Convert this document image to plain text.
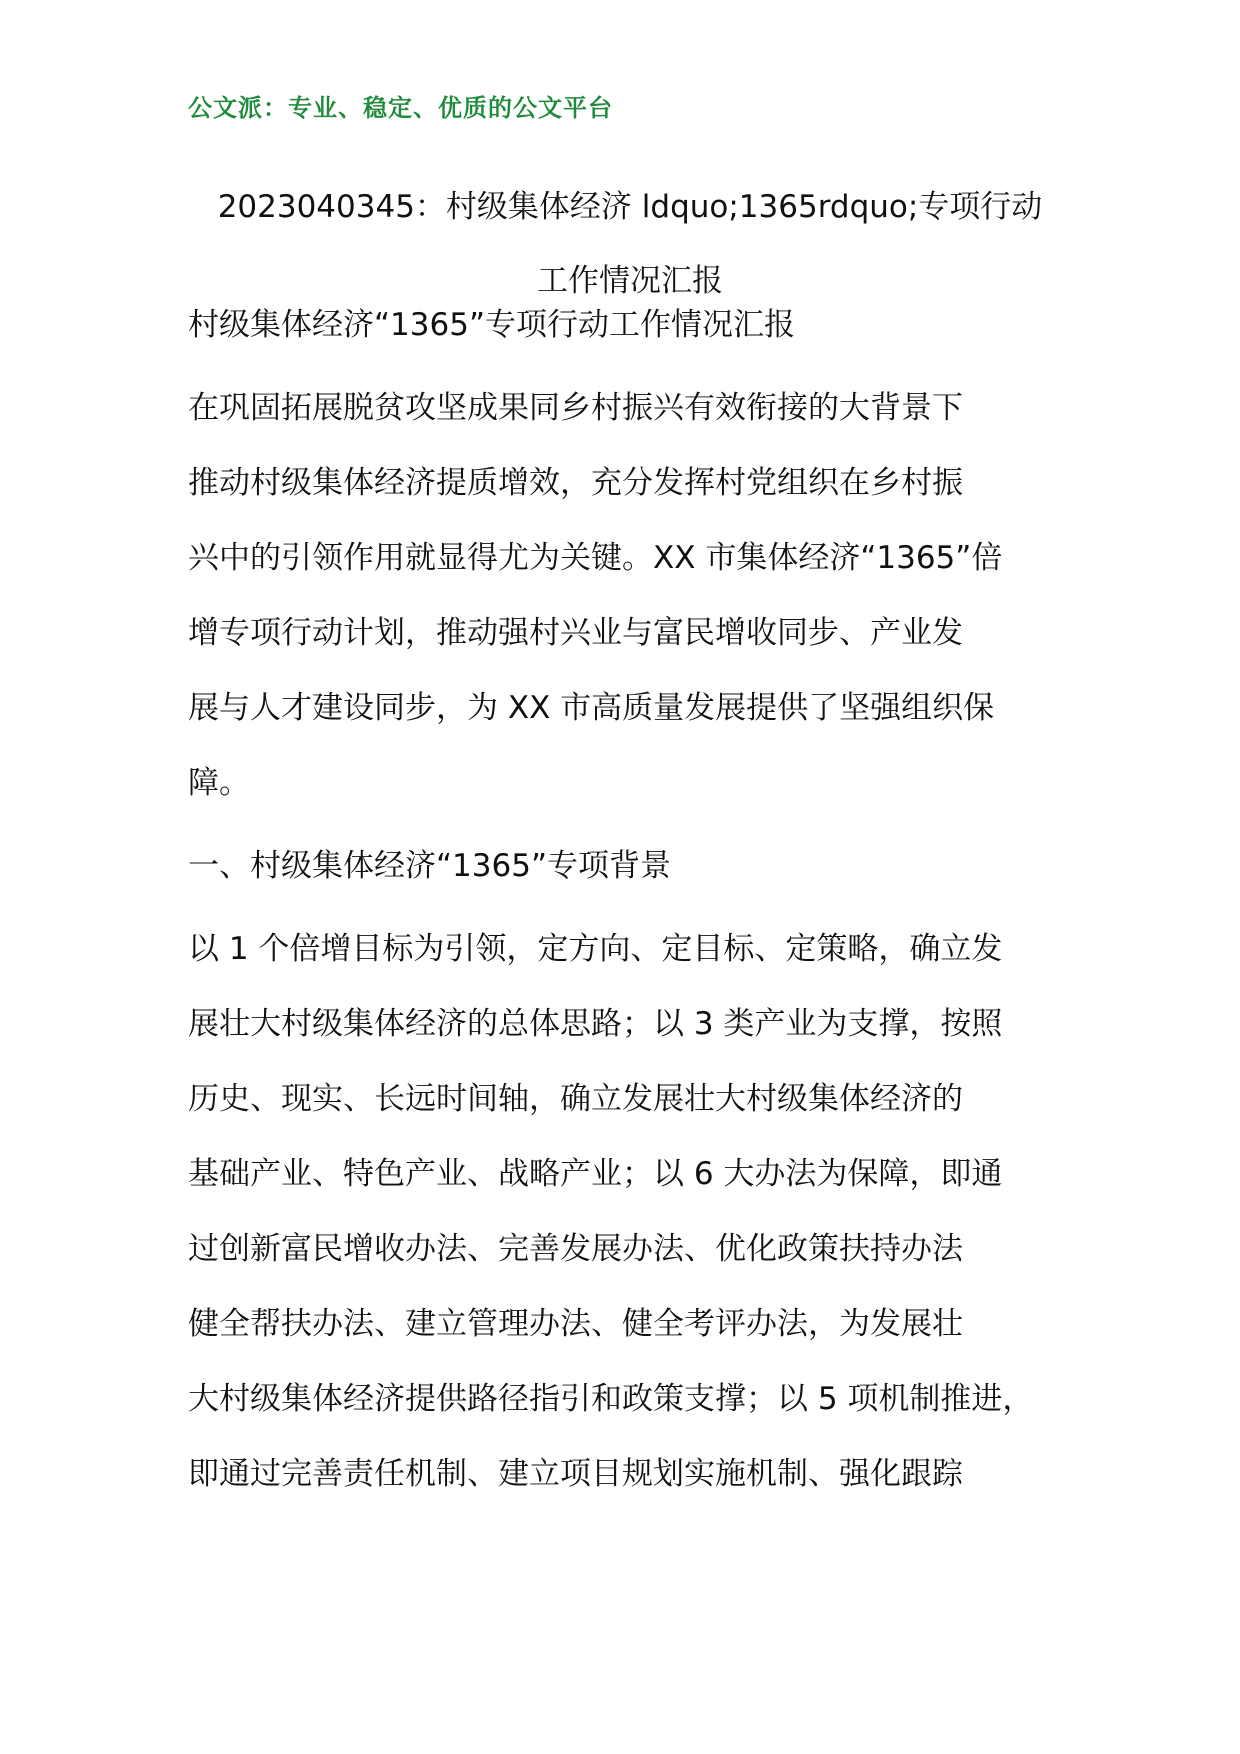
公文派：专业、稳定、优质的公文平台
2023040345：村级集体经济 ldquo;1365rdquo;专项行动
工作情况汇报
村级集体经济“1365”专项行动工作情况汇报
在巩固拓展脱贫攻坚成果同乡村振兴有效衔接的大背景下
推动村级集体经济提质增效，充分发挥村党组织在乡村振
兴中的引领作用就显得尤为关键。XX 市集体经济“1365”倍
增专项行动计划，推动强村兴业与富民增收同步、产业发
展与人才建设同步，为 XX 市高质量发展提供了坚强组织保
障。
一、村级集体经济“1365”专项背景
以 1 个倍增目标为引领，定方向、定目标、定策略，确立发
展壮大村级集体经济的总体思路；以 3 类产业为支撑，按照
历史、现实、长远时间轴，确立发展壮大村级集体经济的
基础产业、特色产业、战略产业；以 6 大办法为保障，即通
过创新富民增收办法、完善发展办法、优化政策扶持办法
健全帮扶办法、建立管理办法、健全考评办法，为发展壮
大村级集体经济提供路径指引和政策支撑；以 5 项机制推进，
即通过完善责任机制、建立项目规划实施机制、强化跟踪
